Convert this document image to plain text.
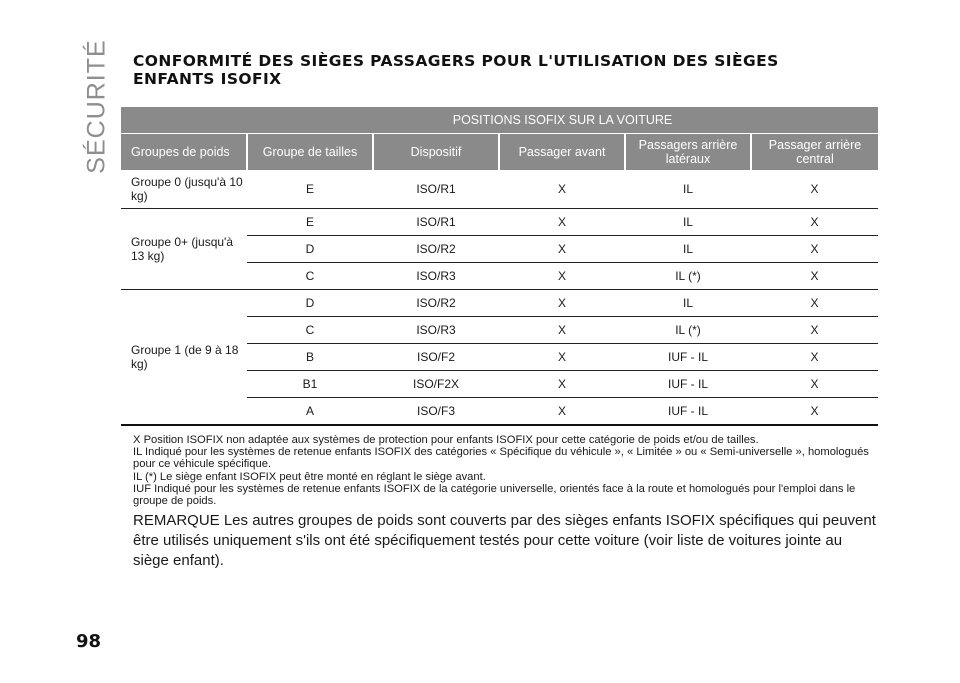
SÉCURITÉ CONFORMITÉ DES SIÈGES PASSAGERS POUR L'UTILISATION DES SIÈGES
ENFANTS ISOFIX
	POSITIONS ISOFIX SUR LA VOITURE				
Groupes de poids	Groupe de tailles	Dispositif	Passager avant	Passagers arrière latéraux	Passager arrière central
Groupe 0 (jusqu'à 10 kg)	E	ISO/R1	X	IL	X
Groupe 0+ (jusqu'à 13 kg)	E	ISO/R1	X	IL	X
	D	ISO/R2	X	IL	X
	C	ISO/R3	X	IL (*)	X
Groupe 1 (de 9 à 18 kg)	D	ISO/R2	X	IL	X
	C	ISO/R3	X	IL (*)	X
	B	ISO/F2	X	IUF - IL	X
	B1	ISO/F2X	X	IUF - IL	X
	A	ISO/F3	X	IUF - IL	X

X Position ISOFIX non adaptée aux systèmes de protection pour enfants ISOFIX pour cette catégorie de poids et/ou de tailles.

IL Indiqué pour les systèmes de retenue enfants ISOFIX des catégories « Spécifique du véhicule », « Limitée » ou « Semi-universelle », homologués pour ce véhicule spécifique.

IL (*) Le siège enfant ISOFIX peut être monté en réglant le siège avant.

IUF Indiqué pour les systèmes de retenue enfants ISOFIX de la catégorie universelle, orientés face à la route et homologués pour l'emploi dans le groupe de poids.

REMARQUE Les autres groupes de poids sont couverts par des sièges enfants ISOFIX spécifiques qui peuvent être utilisés uniquement s'ils ont été spécifiquement testés pour cette voiture (voir liste de voitures jointe au siège enfant).
98
